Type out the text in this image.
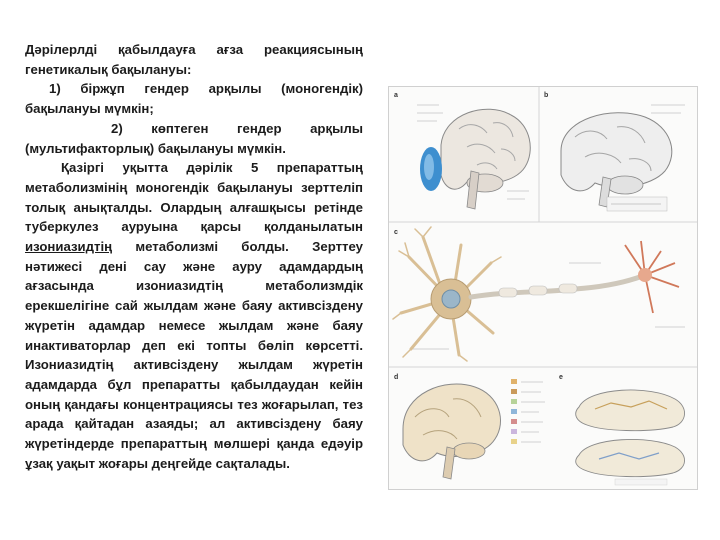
Дәрілерлді қабылдауға ағза реакциясының генетикалық бақылануы:

1) біржұп гендер арқылы (моногендік) бақылануы мүмкін;

2) көптеген гендер арқылы (мультифакторлық) бақылануы мүмкін.

Қазіргі уқытта дәрілік 5 препараттың метаболизмінің моногендік бақылануы зерттеліп толық анықталды. Олардың алғашқысы ретінде туберкулез ауруына қарсы қолданылатын изониазидтің метаболизмі болды. Зерттеу нәтижесі дені сау және ауру адамдардың ағзасында изониазидтің метаболизмдік ерекшелігіне сай жылдам және баяу активсіздену жүретін адамдар немесе жылдам және баяу инактиваторлар деп екі топты бөліп көрсетті. Изониазидтің активсіздену жылдам жүретін адамдарда бұл препаратты қабылдаудан кейін оның қандағы концентрациясы тез жоғарылап, тез арада қайтадан азаяды; ал активсіздену баяу жүретіндерде препараттың мөлшері қанда едәуір ұзақ уақыт жоғары деңгейде сақталады.

a	b
c
d	e
